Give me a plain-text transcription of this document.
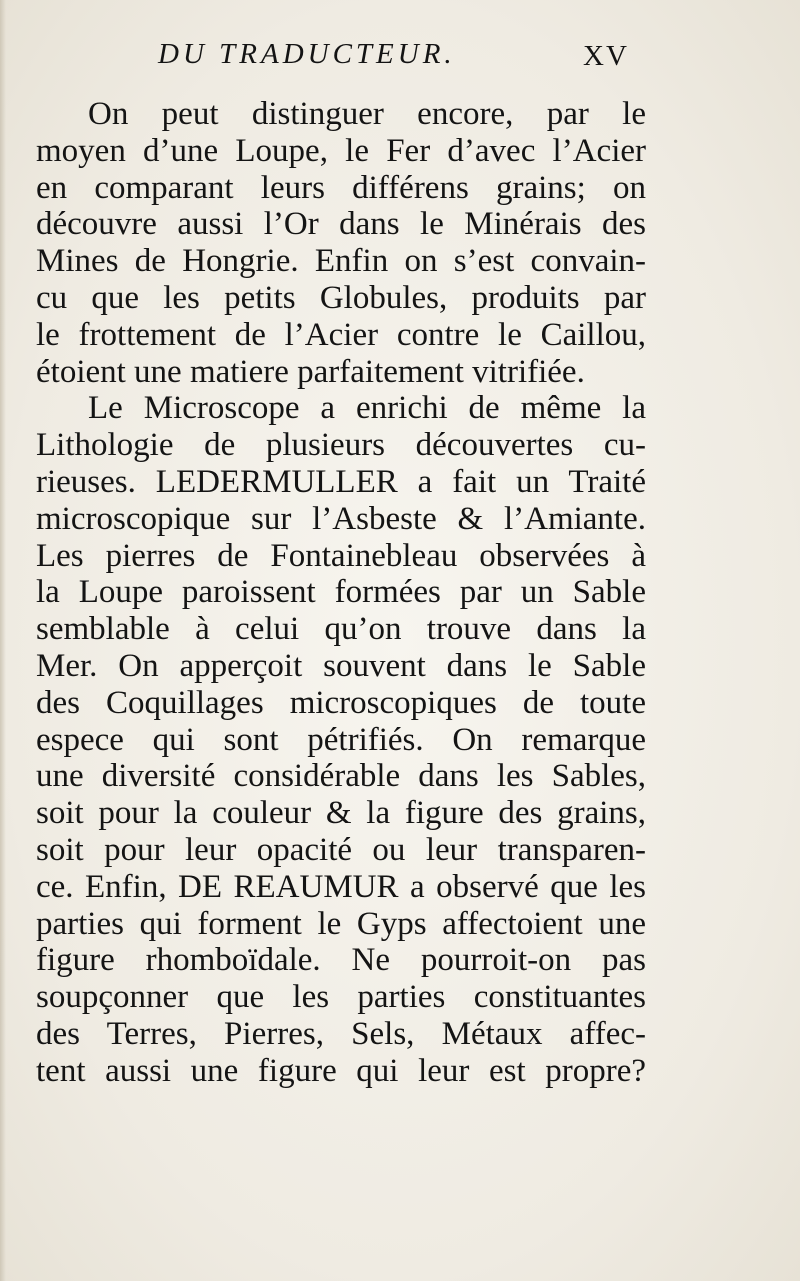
DU TRADUCTEUR.	XV
On peut distinguer encore, par le
moyen d’une Loupe, le Fer d’avec l’Acier
en comparant leurs différens grains; on
découvre aussi l’Or dans le Minérais des
Mines de Hongrie. Enfin on s’est convain-
cu que les petits Globules, produits par
le frottement de l’Acier contre le Caillou,
étoient une matiere parfaitement vitrifiée.
Le Microscope a enrichi de même la
Lithologie de plusieurs découvertes cu-
rieuses. LEDERMULLER a fait un Traité
microscopique sur l’Asbeste & l’Amiante.
Les pierres de Fontainebleau observées à
la Loupe paroissent formées par un Sable
semblable à celui qu’on trouve dans la
Mer. On apperçoit souvent dans le Sable
des Coquillages microscopiques de toute
espece qui sont pétrifiés. On remarque
une diversité considérable dans les Sables,
soit pour la couleur & la figure des grains,
soit pour leur opacité ou leur transparen-
ce. Enfin, DE REAUMUR a observé que les
parties qui forment le Gyps affectoient une
figure rhomboïdale. Ne pourroit-on pas
soupçonner que les parties constituantes
des Terres, Pierres, Sels, Métaux affec-
tent aussi une figure qui leur est propre?
